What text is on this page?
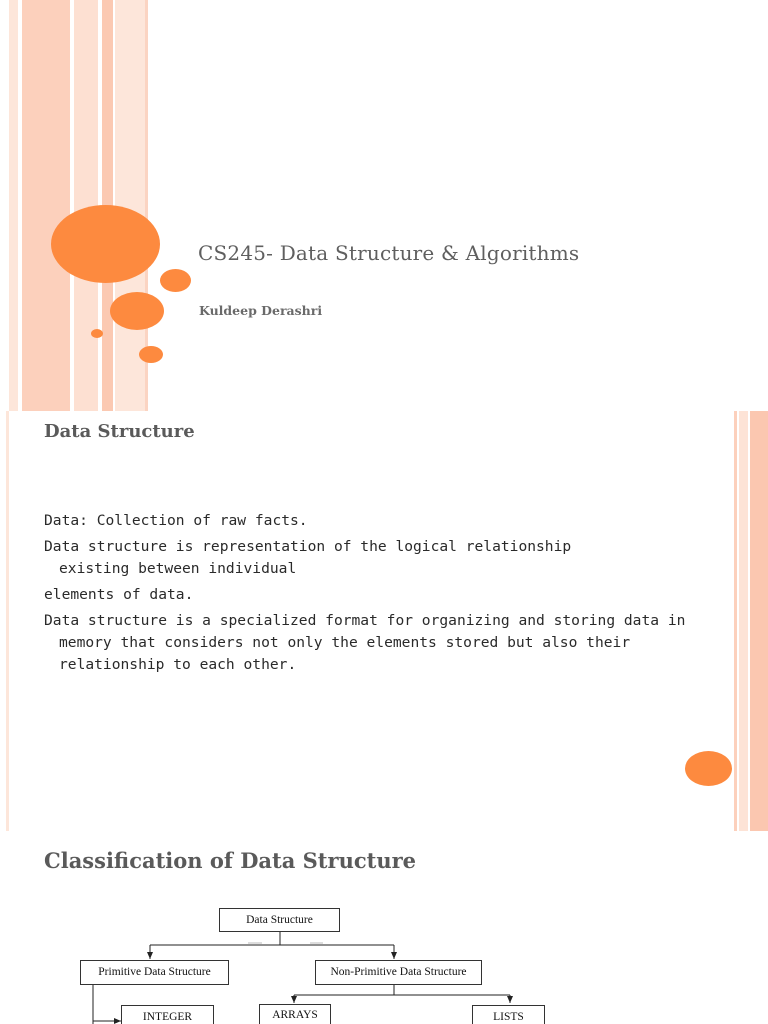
CS245- Data Structure & Algorithms
Kuldeep Derashri
Data Structure

Data: Collection of raw facts.

Data structure is representation of the logical relationship existing between individual

elements of data.

Data structure is a specialized format for organizing and storing data in memory that considers not only the elements stored but also their relationship to each other.

Classification of Data Structure
Data Structure
Primitive Data Structure	Non-Primitive Data Structure
INTEGER	ARRAYS	LISTS
